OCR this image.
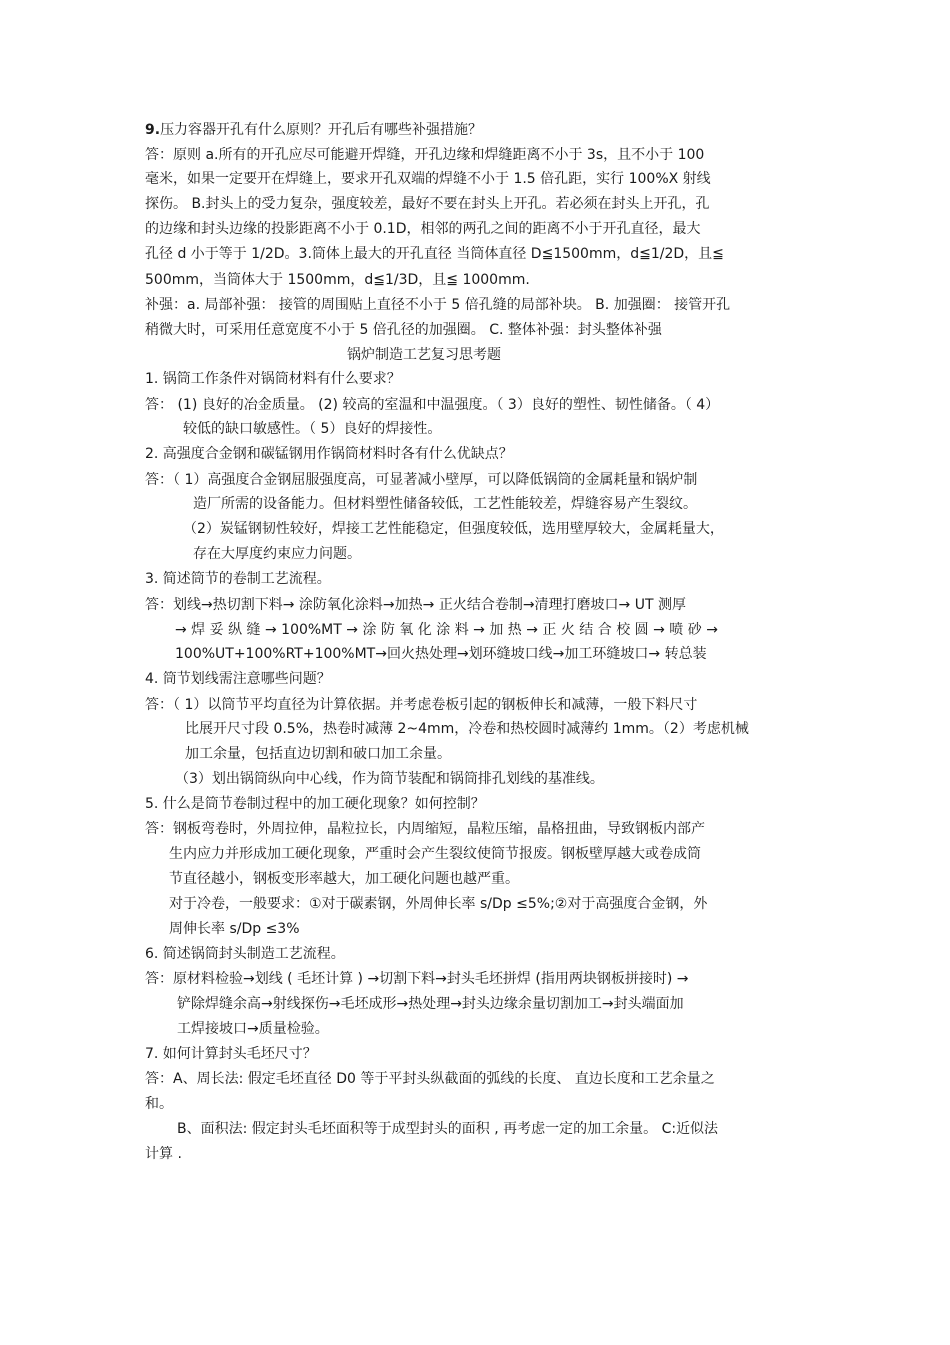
9.压力容器开孔有什么原则？开孔后有哪些补强措施？
答：原则 a.所有的开孔应尽可能避开焊缝，开孔边缘和焊缝距离不小于 3s，且不小于 100
毫米，如果一定要开在焊缝上，要求开孔双端的焊缝不小于 1.5 倍孔距，实行 100%X 射线
探伤。 B.封头上的受力复杂，强度较差，最好不要在封头上开孔。若必须在封头上开孔，孔
的边缘和封头边缘的投影距离不小于 0.1D，相邻的两孔之间的距离不小于开孔直径，最大
孔径 d 小于等于 1/2D。3.筒体上最大的开孔直径 当筒体直径 D≦1500mm，d≦1/2D，且≦
500mm，当筒体大于 1500mm，d≦1/3D，且≦ 1000mm.
补强：a. 局部补强： 接管的周围贴上直径不小于 5 倍孔缝的局部补块。 B. 加强圈： 接管开孔
稍微大时，可采用任意宽度不小于 5 倍孔径的加强圈。 C. 整体补强：封头整体补强
锅炉制造工艺复习思考题
1. 锅筒工作条件对锅筒材料有什么要求？
答： (1) 良好的冶金质量。 (2) 较高的室温和中温强度。（ 3）良好的塑性、韧性储备。（ 4）
较低的缺口敏感性。（ 5）良好的焊接性。
2. 高强度合金钢和碳锰钢用作锅筒材料时各有什么优缺点？
答：（ 1）高强度合金钢屈服强度高，可显著减小壁厚，可以降低锅筒的金属耗量和锅炉制
造厂所需的设备能力。但材料塑性储备较低，工艺性能较差，焊缝容易产生裂纹。
（2）炭锰钢韧性较好，焊接工艺性能稳定，但强度较低，选用壁厚较大，金属耗量大，
存在大厚度约束应力问题。
3. 简述筒节的卷制工艺流程。
答：划线→热切割下料→ 涂防氧化涂料→加热→ 正火结合卷制→清理打磨坡口→ UT 测厚
→ 焊 妥 纵 缝 → 100%MT → 涂 防 氧 化 涂 料 → 加 热 → 正 火 结 合 校 圆 → 喷 砂 →
100%UT+100%RT+100%MT→回火热处理→划环缝坡口线→加工环缝坡口→ 转总装
4. 筒节划线需注意哪些问题？
答：（ 1）以筒节平均直径为计算依据。并考虑卷板引起的钢板伸长和减薄，一般下料尺寸
比展开尺寸段 0.5%，热卷时减薄 2~4mm，冷卷和热校圆时减薄约 1mm。（2）考虑机械
加工余量，包括直边切割和破口加工余量。
（3）划出锅筒纵向中心线，作为筒节装配和锅筒排孔划线的基准线。
5. 什么是筒节卷制过程中的加工硬化现象？如何控制？
答：钢板弯卷时，外周拉伸，晶粒拉长，内周缩短，晶粒压缩，晶格扭曲，导致钢板内部产
生内应力并形成加工硬化现象，严重时会产生裂纹使筒节报废。钢板壁厚越大或卷成筒
节直径越小，钢板变形率越大，加工硬化问题也越严重。
对于冷卷，一般要求：①对于碳素钢，外周伸长率 s/Dp ≤5%;②对于高强度合金钢，外
周伸长率 s/Dp ≤3%
6. 简述锅筒封头制造工艺流程。
答：原材料检验→划线 ( 毛坯计算 ) →切割下料→封头毛坯拼焊 (指用两块钢板拼接时) →
铲除焊缝余高→射线探伤→毛坯成形→热处理→封头边缘余量切割加工→封头端面加
工焊接坡口→质量检验。
7. 如何计算封头毛坯尺寸？
答：A、周长法: 假定毛坯直径 D0 等于平封头纵截面的弧线的长度、 直边长度和工艺余量之
和。
B、面积法: 假定封头毛坯面积等于成型封头的面积 , 再考虑一定的加工余量。 C:近似法
计算 .
